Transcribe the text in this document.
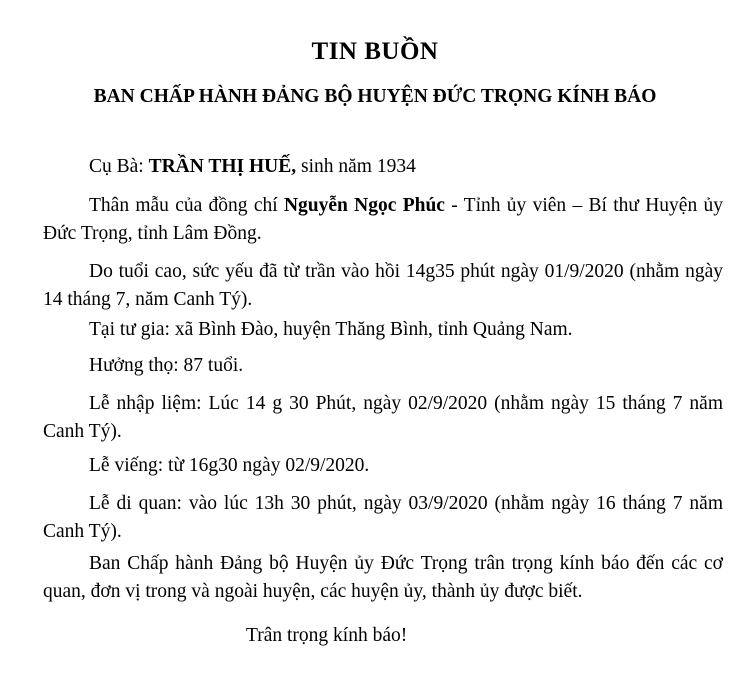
TIN BUỒN
BAN CHẤP HÀNH ĐẢNG BỘ HUYỆN ĐỨC TRỌNG KÍNH BÁO

Cụ Bà: TRẦN THỊ HUẾ, sinh năm 1934

Thân mẫu của đồng chí Nguyễn Ngọc Phúc - Tỉnh ủy viên – Bí thư Huyện ủy Đức Trọng, tỉnh Lâm Đồng.

Do tuổi cao, sức yếu đã từ trần vào hồi 14g35 phút ngày 01/9/2020 (nhằm ngày 14 tháng 7, năm Canh Tý).

Tại tư gia: xã Bình Đào, huyện Thăng Bình, tỉnh Quảng Nam.

Hưởng thọ: 87 tuổi.

Lễ nhập liệm: Lúc 14 g 30 Phút, ngày 02/9/2020 (nhằm ngày 15 tháng 7 năm Canh Tý).

Lễ viếng: từ 16g30 ngày 02/9/2020.

Lễ di quan: vào lúc 13h 30 phút, ngày 03/9/2020 (nhằm ngày 16 tháng 7 năm Canh Tý).

Ban Chấp hành Đảng bộ Huyện ủy Đức Trọng trân trọng kính báo đến các cơ quan, đơn vị trong và ngoài huyện, các huyện ủy, thành ủy được biết.

Trân trọng kính báo!
